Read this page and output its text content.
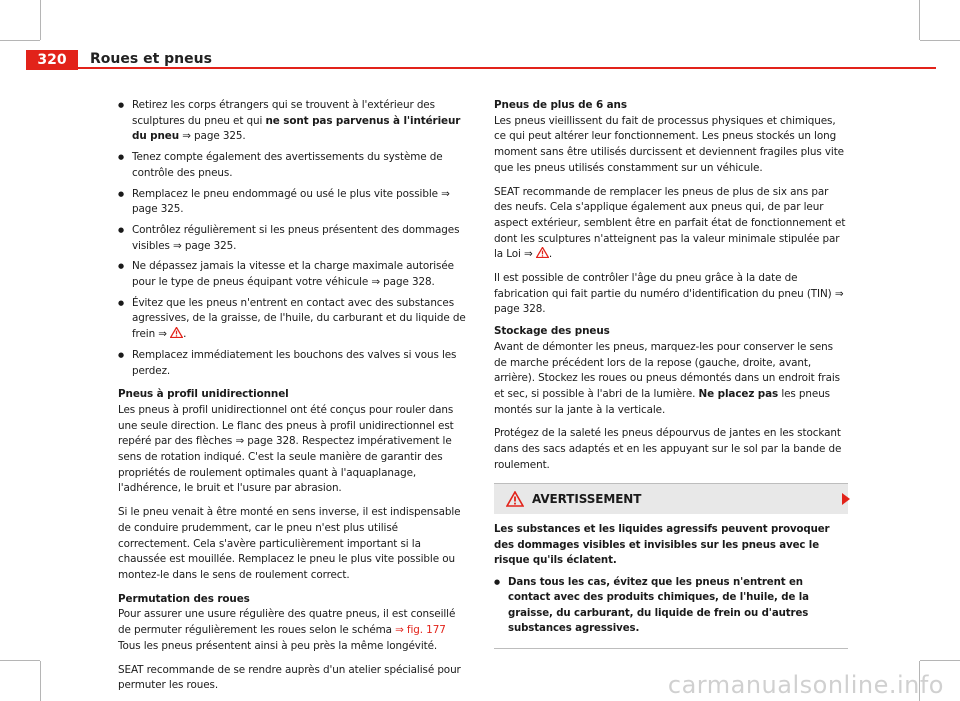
320	Roues et pneus
● Retirez les corps étrangers qui se trouvent à l'extérieur des sculptures du pneu et qui ne sont pas parvenus à l'intérieur du pneu ⇒ page 325.
● Tenez compte également des avertissements du système de contrôle des pneus.
● Remplacez le pneu endommagé ou usé le plus vite possible ⇒ page 325.
● Contrôlez régulièrement si les pneus présentent des dommages visibles ⇒ page 325.
● Ne dépassez jamais la vitesse et la charge maximale autorisée pour le type de pneus équipant votre véhicule ⇒ page 328.
● Évitez que les pneus n'entrent en contact avec des substances agressives, de la graisse, de l'huile, du carburant et du liquide de frein ⇒ .
● Remplacez immédiatement les bouchons des valves si vous les perdez.

Pneus à profil unidirectionnel

Les pneus à profil unidirectionnel ont été conçus pour rouler dans une seule direction. Le flanc des pneus à profil unidirectionnel est repéré par des flèches ⇒ page 328. Respectez impérativement le sens de rotation indiqué. C'est la seule manière de garantir des propriétés de roulement optimales quant à l'aquaplanage, l'adhérence, le bruit et l'usure par abrasion.

Si le pneu venait à être monté en sens inverse, il est indispensable de conduire prudemment, car le pneu n'est plus utilisé correctement. Cela s'avère particulièrement important si la chaussée est mouillée. Remplacez le pneu le plus vite possible ou montez-le dans le sens de roulement correct.

Permutation des roues

Pour assurer une usure régulière des quatre pneus, il est conseillé de permuter régulièrement les roues selon le schéma ⇒ fig. 177 Tous les pneus présentent ainsi à peu près la même longévité.

SEAT recommande de se rendre auprès d'un atelier spécialisé pour permuter les roues.

Pneus de plus de 6 ans

Les pneus vieillissent du fait de processus physiques et chimiques, ce qui peut altérer leur fonctionnement. Les pneus stockés un long moment sans être utilisés durcissent et deviennent fragiles plus vite que les pneus utilisés constamment sur un véhicule.

SEAT recommande de remplacer les pneus de plus de six ans par des neufs. Cela s'applique également aux pneus qui, de par leur aspect extérieur, semblent être en parfait état de fonctionnement et dont les sculptures n'atteignent pas la valeur minimale stipulée par la Loi ⇒ .

Il est possible de contrôler l'âge du pneu grâce à la date de fabrication qui fait partie du numéro d'identification du pneu (TIN) ⇒ page 328.

Stockage des pneus

Avant de démonter les pneus, marquez-les pour conserver le sens de marche précédent lors de la repose (gauche, droite, avant, arrière). Stockez les roues ou pneus démontés dans un endroit frais et sec, si possible à l'abri de la lumière. Ne placez pas les pneus montés sur la jante à la verticale.

Protégez de la saleté les pneus dépourvus de jantes en les stockant dans des sacs adaptés et en les appuyant sur le sol par la bande de roulement.

AVERTISSEMENT

Les substances et les liquides agressifs peuvent provoquer des dommages visibles et invisibles sur les pneus avec le risque qu'ils éclatent.

● Dans tous les cas, évitez que les pneus n'entrent en contact avec des produits chimiques, de l'huile, de la graisse, du carburant, du liquide de frein ou d'autres substances agressives.
carmanualsonline.info
